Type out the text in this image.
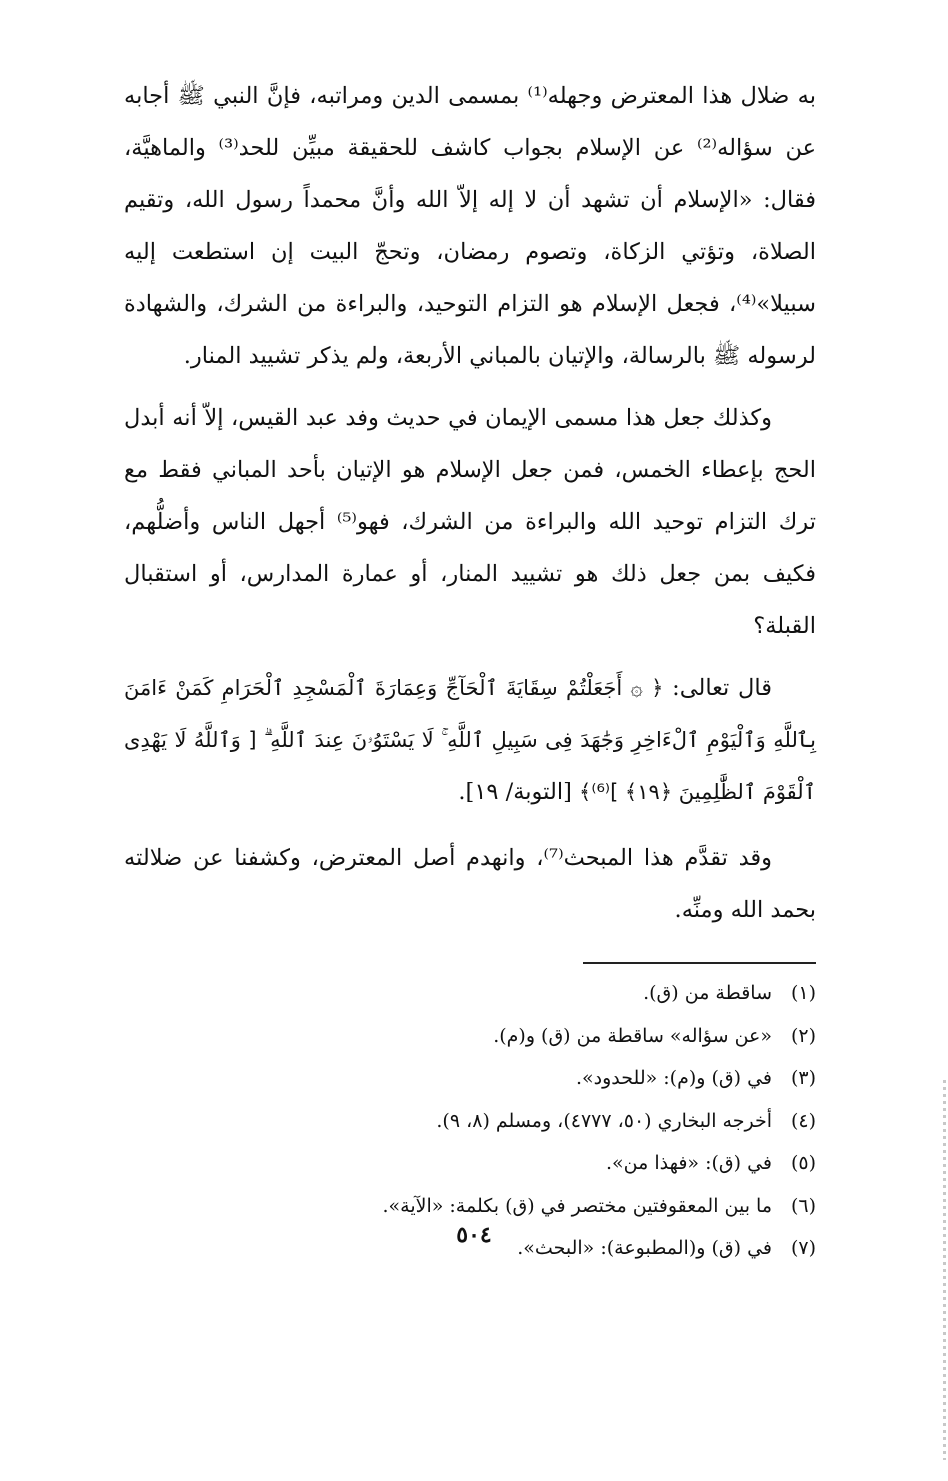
به ضلال هذا المعترض وجهله⁽¹⁾ بمسمى الدين ومراتبه، فإنَّ النبي ﷺ أجابه عن سؤاله⁽²⁾ عن الإسلام بجواب كاشف للحقيقة مبيِّن للحد⁽³⁾ والماهيَّة، فقال: «الإسلام أن تشهد أن لا إله إلاّ الله وأنَّ محمداً رسول الله، وتقيم الصلاة، وتؤتي الزكاة، وتصوم رمضان، وتحجّ البيت إن استطعت إليه سبيلا»⁽⁴⁾، فجعل الإسلام هو التزام التوحيد، والبراءة من الشرك، والشهادة لرسوله ﷺ بالرسالة، والإتيان بالمباني الأربعة، ولم يذكر تشييد المنار.

وكذلك جعل هذا مسمى الإيمان في حديث وفد عبد القيس، إلاّ أنه أبدل الحج بإعطاء الخمس، فمن جعل الإسلام هو الإتيان بأحد المباني فقط مع ترك التزام توحيد الله والبراءة من الشرك، فهو⁽⁵⁾ أجهل الناس وأضلُّهم، فكيف بمن جعل ذلك هو تشييد المنار، أو عمارة المدارس، أو استقبال القبلة؟

قال تعالى: ﴿ ۞ أَجَعَلْتُمْ سِقَايَةَ ٱلْحَآجِّ وَعِمَارَةَ ٱلْمَسْجِدِ ٱلْحَرَامِ كَمَنْ ءَامَنَ بِٱللَّهِ وَٱلْيَوْمِ ٱلْءَاخِرِ وَجَٰهَدَ فِى سَبِيلِ ٱللَّهِ ۚ لَا يَسْتَوُۥنَ عِندَ ٱللَّهِ ۗ [ وَٱللَّهُ لَا يَهْدِى ٱلْقَوْمَ ٱلظَّٰلِمِينَ ﴿١٩﴾ ]⁽⁶⁾﴾ [التوبة/ ١٩].

وقد تقدَّم هذا المبحث⁽⁷⁾، وانهدم أصل المعترض، وكشفنا عن ضلالته بحمد الله ومنِّه.

(١)
ساقطة من (ق).
(٢)
«عن سؤاله» ساقطة من (ق) و(م).
(٣)
في (ق) و(م): «للحدود».
(٤)
أخرجه البخاري (٥٠، ٤٧٧٧)، ومسلم (٨، ٩).
(٥)
في (ق): «فهذا من».
(٦)
ما بين المعقوفتين مختصر في (ق) بكلمة: «الآية».
(٧)
في (ق) و(المطبوعة): «البحث».
٥٠٤
